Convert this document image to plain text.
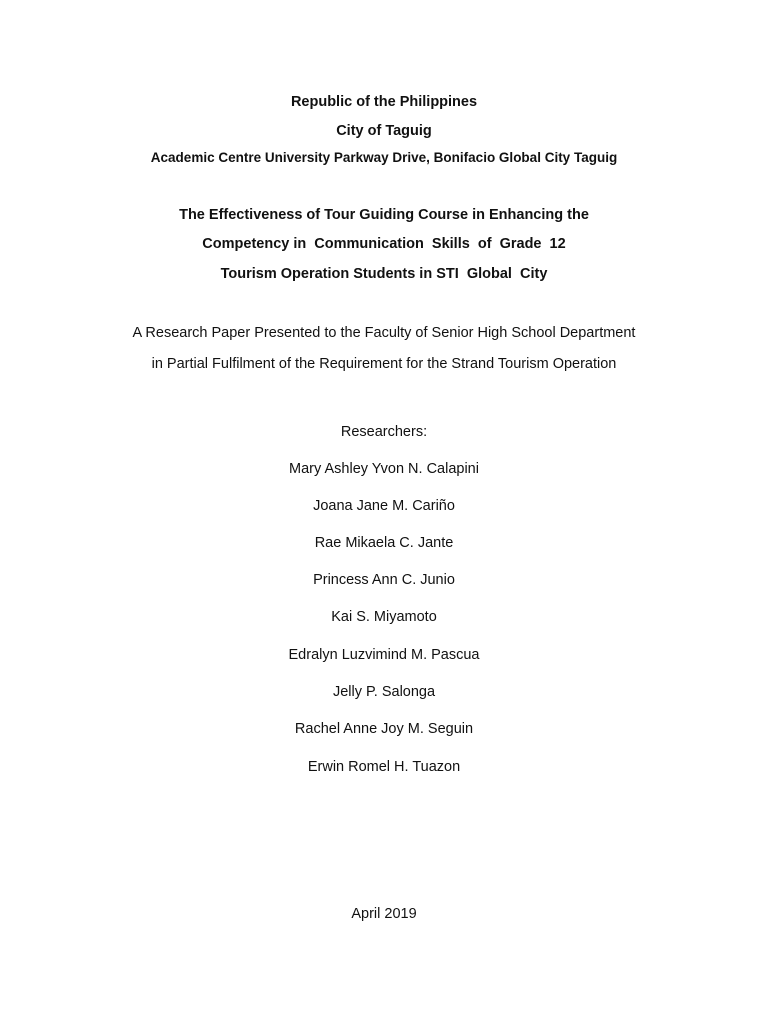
Republic of the Philippines
City of Taguig
Academic Centre University Parkway Drive, Bonifacio Global City Taguig
The Effectiveness of Tour Guiding Course in Enhancing the
Competency in  Communication  Skills  of  Grade  12
Tourism Operation Students in STI  Global  City
A Research Paper Presented to the Faculty of Senior High School Department
in Partial Fulfilment of the Requirement for the Strand Tourism Operation
Researchers:
Mary Ashley Yvon N. Calapini
Joana Jane M. Cariño
Rae Mikaela C. Jante
Princess Ann C. Junio
Kai S. Miyamoto
Edralyn Luzvimind M. Pascua
Jelly P. Salonga
Rachel Anne Joy M. Seguin
Erwin Romel H. Tuazon
April 2019
